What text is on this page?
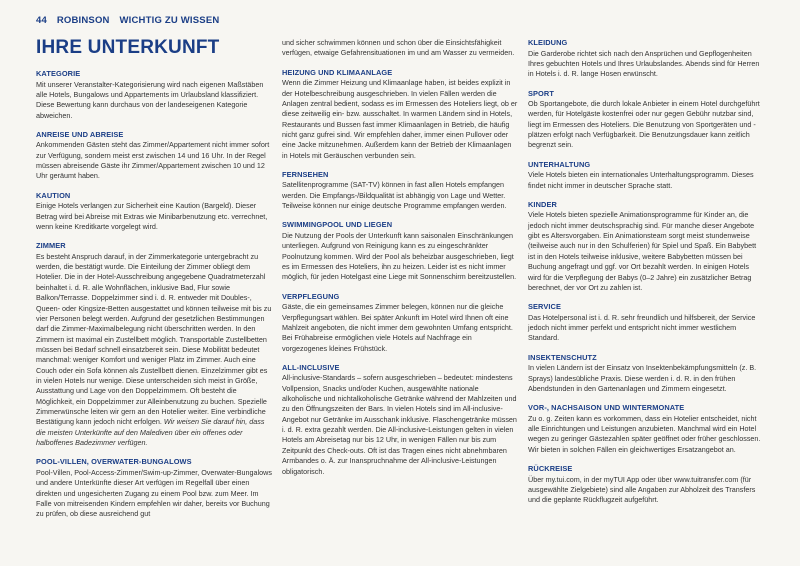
44 ROBINSON WICHTIG ZU WISSEN
IHRE UNTERKUNFT
KATEGORIE

Mit unserer Veranstalter-Kategorisierung wird nach eigenen Maßstäben alle Hotels, Bungalows und Appartements im Urlaubsland klassifiziert. Diese Bewertung kann durchaus von der landeseigenen Kategorie abweichen.

ANREISE UND ABREISE

Ankommenden Gästen steht das Zimmer/Appartement nicht immer sofort zur Verfügung, sondern meist erst zwischen 14 und 16 Uhr. In der Regel müssen abreisende Gäste ihr Zimmer/Appartement zwischen 10 und 12 Uhr geräumt haben.

KAUTION

Einige Hotels verlangen zur Sicherheit eine Kaution (Bargeld). Dieser Betrag wird bei Abreise mit Extras wie Minibarbenutzung etc. verrechnet, wenn keine Kreditkarte vorgelegt wird.

ZIMMER

Es besteht Anspruch darauf, in der Zimmerkategorie untergebracht zu werden, die bestätigt wurde. Die Einteilung der Zimmer obliegt dem Hotelier. Die in der Hotel-Ausschreibung angegebene Quadratmeterzahl beinhaltet i. d. R. alle Wohnflächen, inklusive Bad, Flur sowie Balkon/Terrasse. Doppelzimmer sind i. d. R. entweder mit Doubles-, Queen- oder Kingsize-Betten ausgestattet und können teilweise mit bis zu vier Personen belegt werden. Aufgrund der gesetzlichen Bestimmungen darf die Zimmer-Maximalbelegung nicht überschritten werden. In den Zimmern ist maximal ein Zustellbett möglich. Transportable Zustellbetten müssen bei Bedarf schnell einsatzbereit sein. Diese Mobilität bedeutet manchmal: weniger Komfort und weniger Platz im Zimmer. Auch eine Couch oder ein Sofa können als Zustellbett dienen. Einzelzimmer gibt es in vielen Hotels nur wenige. Diese unterscheiden sich meist in Größe, Ausstattung und Lage von den Doppelzimmern. Oft besteht die Möglichkeit, ein Doppelzimmer zur Alleinbenutzung zu buchen. Spezielle Zimmerwünsche leiten wir gern an den Hotelier weiter. Eine verbindliche Bestätigung kann jedoch nicht erfolgen. Wir weisen Sie darauf hin, dass die meisten Unterkünfte auf den Malediven über ein offenes oder halboffenes Badezimmer verfügen.

POOL-VILLEN, OVERWATER-BUNGALOWS

Pool-Villen, Pool-Access-Zimmer/Swim-up-Zimmer, Overwater-Bungalows und andere Unterkünfte dieser Art verfügen im Regelfall über einen direkten und ungesicherten Zugang zu einem Pool bzw. zum Meer. Im Falle von mitreisenden Kindern empfehlen wir daher, bereits vor Buchung zu prüfen, ob diese ausreichend gut

und sicher schwimmen können und schon über die Einsichtsfähigkeit verfügen, etwaige Gefahrensituationen im und am Wasser zu vermeiden.

HEIZUNG UND KLIMAANLAGE

Wenn die Zimmer Heizung und Klimaanlage haben, ist beides explizit in der Hotelbeschreibung ausgeschrieben. In vielen Fällen werden die Anlagen zentral bedient, sodass es im Ermessen des Hoteliers liegt, ob er diese zeitweilig ein- bzw. ausschaltet. In warmen Ländern sind in Hotels, Restaurants und Bussen fast immer Klimaanlagen in Betrieb, die häufig nicht ganz gufrei sind. Wir empfehlen daher, immer einen Pullover oder eine Jacke mitzunehmen. Außerdem kann der Betrieb der Klimaanlagen in Hotels mit Geräuschen verbunden sein.

FERNSEHEN

Satellitenprogramme (SAT-TV) können in fast allen Hotels empfangen werden. Die Empfangs-/Bildqualität ist abhängig von Lage und Wetter. Teilweise können nur einige deutsche Programme empfangen werden.

SWIMMINGPOOL UND LIEGEN

Die Nutzung der Pools der Unterkunft kann saisonalen Einschränkungen unterliegen. Aufgrund von Reinigung kann es zu eingeschränkter Poolnutzung kommen. Wird der Pool als beheizbar ausgeschrieben, liegt es im Ermessen des Hoteliers, ihn zu heizen. Leider ist es nicht immer möglich, für jeden Hotelgast eine Liege mit Sonnenschirm bereitzustellen.

VERPFLEGUNG

Gäste, die ein gemeinsames Zimmer belegen, können nur die gleiche Verpflegungsart wählen. Bei später Ankunft im Hotel wird Ihnen oft eine Mahlzeit angeboten, die nicht immer dem gewohnten Umfang entspricht. Bei Frühabreise ermöglichen viele Hotels auf Nachfrage ein vorgezogenes kleines Frühstück.

ALL-INCLUSIVE

All-inclusive-Standards – sofern ausgeschrieben – bedeutet: mindestens Vollpension, Snacks und/oder Kuchen, ausgewählte nationale alkoholische und nichtalkoholische Getränke während der Mahlzeiten und zu den Öffnungszeiten der Bars. In vielen Hotels sind im All-inclusive-Angebot nur Getränke im Ausschank inklusive. Flaschengetränke müssen i. d. R. extra gezahlt werden. Die All-inclusive-Leistungen gelten in vielen Hotels am Abreisetag nur bis 12 Uhr, in wenigen Fällen nur bis zum Zeitpunkt des Check-outs. Oft ist das Tragen eines nicht abnehmbaren Armbandes o. Ä. zur Inanspruchnahme der All-inclusive-Leistungen obligatorisch.

KLEIDUNG

Die Garderobe richtet sich nach den Ansprüchen und Gepflogenheiten Ihres gebuchten Hotels und Ihres Urlaubslandes. Abends sind für Herren in Hotels i. d. R. lange Hosen erwünscht.

SPORT

Ob Sportangebote, die durch lokale Anbieter in einem Hotel durchgeführt werden, für Hotelgäste kostenfrei oder nur gegen Gebühr nutzbar sind, liegt im Ermessen des Hoteliers. Die Benutzung von Sportgeräten und -plätzen erfolgt nach Verfügbarkeit. Die Benutzungsdauer kann zeitlich begrenzt sein.

UNTERHALTUNG

Viele Hotels bieten ein internationales Unterhaltungsprogramm. Dieses findet nicht immer in deutscher Sprache statt.

KINDER

Viele Hotels bieten spezielle Animationsprogramme für Kinder an, die jedoch nicht immer deutschsprachig sind. Für manche dieser Angebote gibt es Altersvorgaben. Ein Animationsteam sorgt meist stundenweise (teilweise auch nur in den Schulferien) für Spiel und Spaß. Ein Babybett ist in den Hotels teilweise inklusive, weitere Babybetten müssen bei Buchung angefragt und ggf. vor Ort bezahlt werden. In einigen Hotels wird für die Verpflegung der Babys (0–2 Jahre) ein zusätzlicher Betrag berechnet, der vor Ort zu zahlen ist.

SERVICE

Das Hotelpersonal ist i. d. R. sehr freundlich und hilfsbereit, der Service jedoch nicht immer perfekt und entspricht nicht immer westlichem Standard.

INSEKTENSCHUTZ

In vielen Ländern ist der Einsatz von Insektenbekämpfungsmitteln (z. B. Sprays) landesübliche Praxis. Diese werden i. d. R. in den frühen Abendstunden in den Gartenanlagen und Zimmern eingesetzt.

VOR-, NACHSAISON UND WINTERMONATE

Zu o. g. Zeiten kann es vorkommen, dass ein Hotelier entscheidet, nicht alle Einrichtungen und Leistungen anzubieten. Manchmal wird ein Hotel wegen zu geringer Gästezahlen später geöffnet oder früher geschlossen. Wir bieten in solchen Fällen ein gleichwertiges Ersatzangebot an.

RÜCKREISE

Über my.tui.com, in der myTUI App oder über www.tuitransfer.com (für ausgewählte Zielgebiete) sind alle Angaben zur Abholzeit des Transfers und die geplante Rückflugzeit aufgeführt.
